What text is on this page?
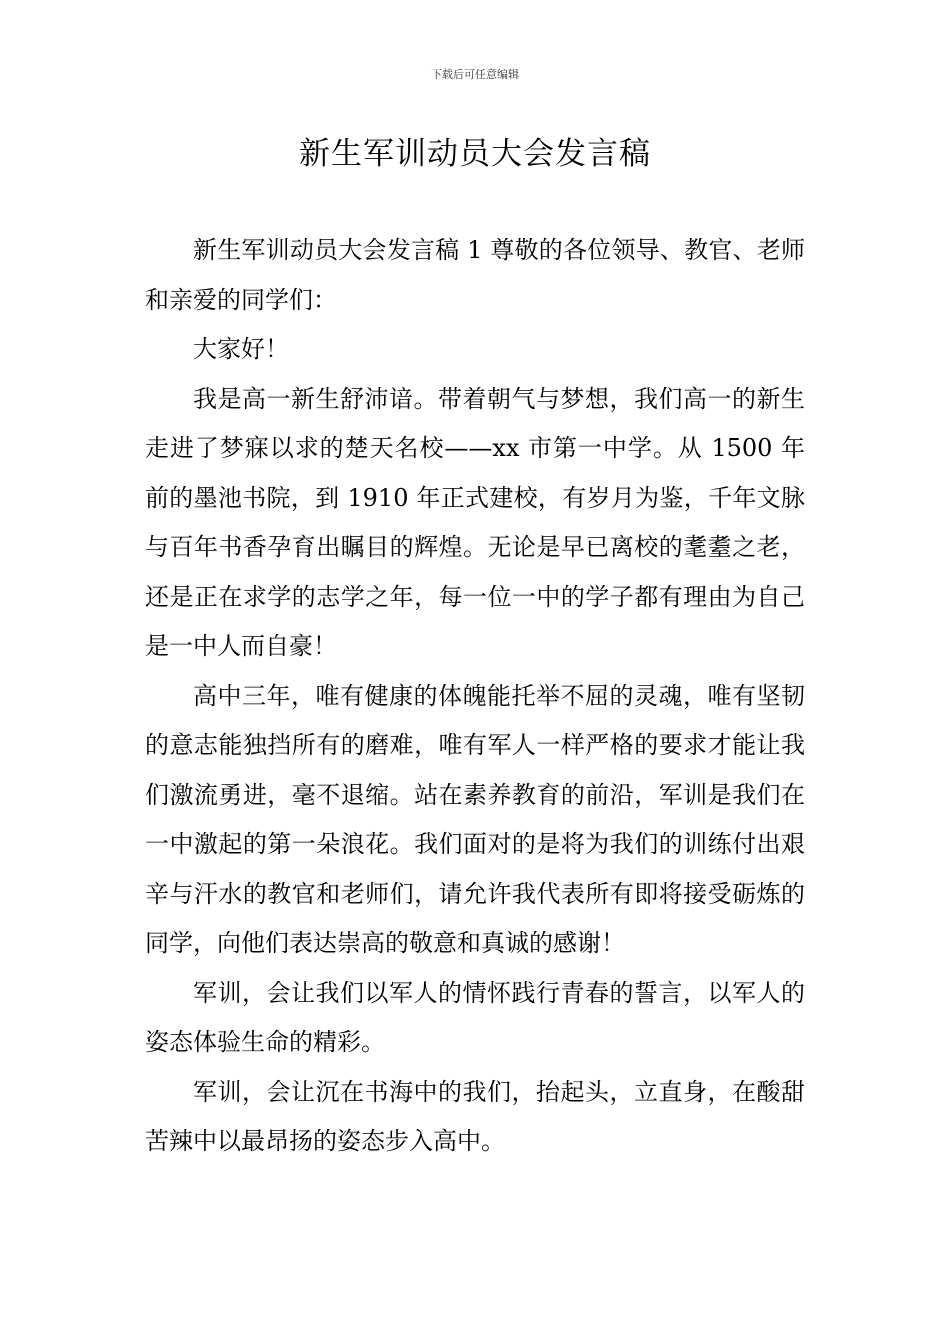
下载后可任意编辑
新生军训动员大会发言稿

新生军训动员大会发言稿 1 尊敬的各位领导、教官、老师和亲爱的同学们：

大家好！

我是高一新生舒沛谙。带着朝气与梦想，我们高一的新生走进了梦寐以求的楚天名校——xx 市第一中学。从 1500 年前的墨池书院，到 1910 年正式建校，有岁月为鉴，千年文脉与百年书香孕育出瞩目的辉煌。无论是早已离校的耄耋之老，还是正在求学的志学之年，每一位一中的学子都有理由为自己是一中人而自豪！

高中三年，唯有健康的体魄能托举不屈的灵魂，唯有坚韧的意志能独挡所有的磨难，唯有军人一样严格的要求才能让我们激流勇进，毫不退缩。站在素养教育的前沿，军训是我们在一中激起的第一朵浪花。我们面对的是将为我们的训练付出艰辛与汗水的教官和老师们，请允许我代表所有即将接受砺炼的同学，向他们表达崇高的敬意和真诚的感谢！

军训，会让我们以军人的情怀践行青春的誓言，以军人的姿态体验生命的精彩。

军训，会让沉在书海中的我们，抬起头，立直身，在酸甜苦辣中以最昂扬的姿态步入高中。
